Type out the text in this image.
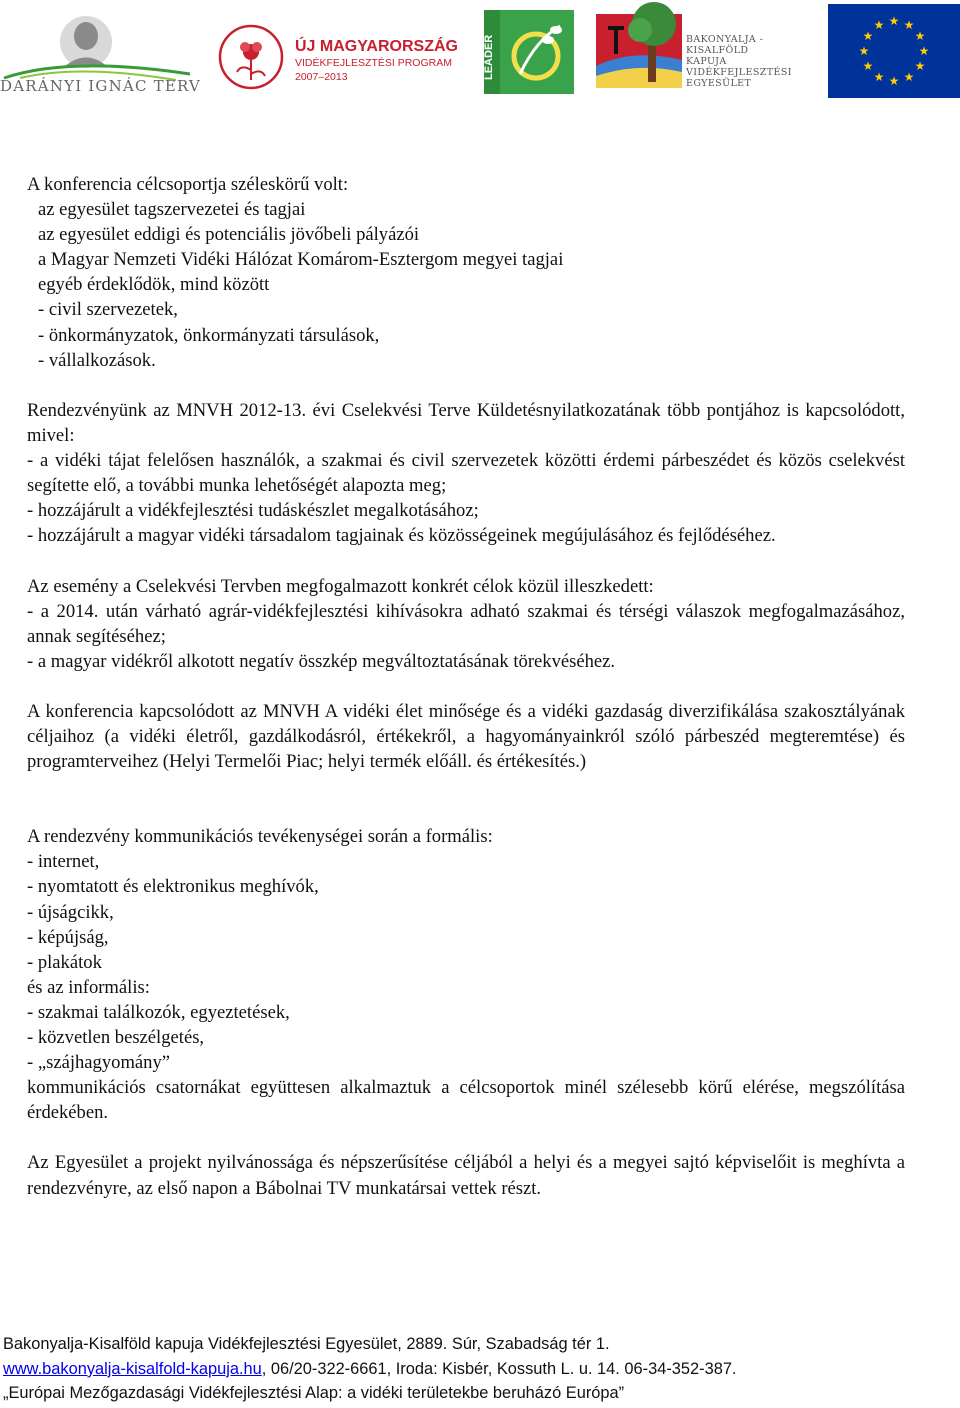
DARÁNYI IGNÁC TERV
ÚJ MAGYARORSZÁG
VIDÉKFEJLESZTÉSI PROGRAM
2007–2013	LEADER	BAKONYALJA -
KISALFÖLD
KAPUJA
VIDÉKFEJLESZTÉSI
EGYESÜLET
★ ★
★
★
★
★
★
★
★
★
★
★

A konferencia célcsoportja széleskörű volt:

az egyesület tagszervezetei és tagjai

az egyesület eddigi és potenciális jövőbeli pályázói

a Magyar Nemzeti Vidéki Hálózat Komárom-Esztergom megyei tagjai

egyéb érdeklődök, mind között

- civil szervezetek,

- önkormányzatok, önkormányzati társulások,

- vállalkozások.

Rendezvényünk az MNVH 2012-13. évi Cselekvési Terve Küldetésnyilatkozatának több pontjához is kapcsolódott, mivel:

- a vidéki tájat felelősen használók, a szakmai és civil szervezetek közötti érdemi párbeszédet és közös cselekvést segítette elő, a további munka lehetőségét alapozta meg;

- hozzájárult a vidékfejlesztési tudáskészlet megalkotásához;

- hozzájárult a magyar vidéki társadalom tagjainak és közösségeinek megújulásához és fejlődéséhez.

Az esemény a Cselekvési Tervben megfogalmazott konkrét célok közül illeszkedett:

- a 2014. után várható agrár-vidékfejlesztési kihívásokra adható szakmai és térségi válaszok megfogalmazásához, annak segítéséhez;

- a magyar vidékről alkotott negatív összkép megváltoztatásának törekvéséhez.

A konferencia kapcsolódott az MNVH A vidéki élet minősége és a vidéki gazdaság diverzifikálása szakosztályának céljaihoz (a vidéki életről, gazdálkodásról, értékekről, a hagyományainkról szóló párbeszéd megteremtése) és programterveihez (Helyi Termelői Piac; helyi termék előáll. és értékesítés.)

A rendezvény kommunikációs tevékenységei során a formális:

- internet,

- nyomtatott és elektronikus meghívók,

- újságcikk,

- képújság,

- plakátok

és az informális:

- szakmai találkozók, egyeztetések,

- közvetlen beszélgetés,

- „szájhagyomány”

kommunikációs csatornákat együttesen alkalmaztuk a célcsoportok minél szélesebb körű elérése, megszólítása érdekében.

Az Egyesület a projekt nyilvánossága és népszerűsítése céljából a helyi és a megyei sajtó képviselőit is meghívta a rendezvényre, az első napon a Bábolnai TV munkatársai vettek részt.

Bakonyalja-Kisalföld kapuja Vidékfejlesztési Egyesület, 2889. Súr, Szabadság tér 1.
www.bakonyalja-kisalfold-kapuja.hu, 06/20-322-6661, Iroda: Kisbér, Kossuth L. u. 14. 06-34-352-387.
„Európai Mezőgazdasági Vidékfejlesztési Alap: a vidéki területekbe beruházó Európa”
